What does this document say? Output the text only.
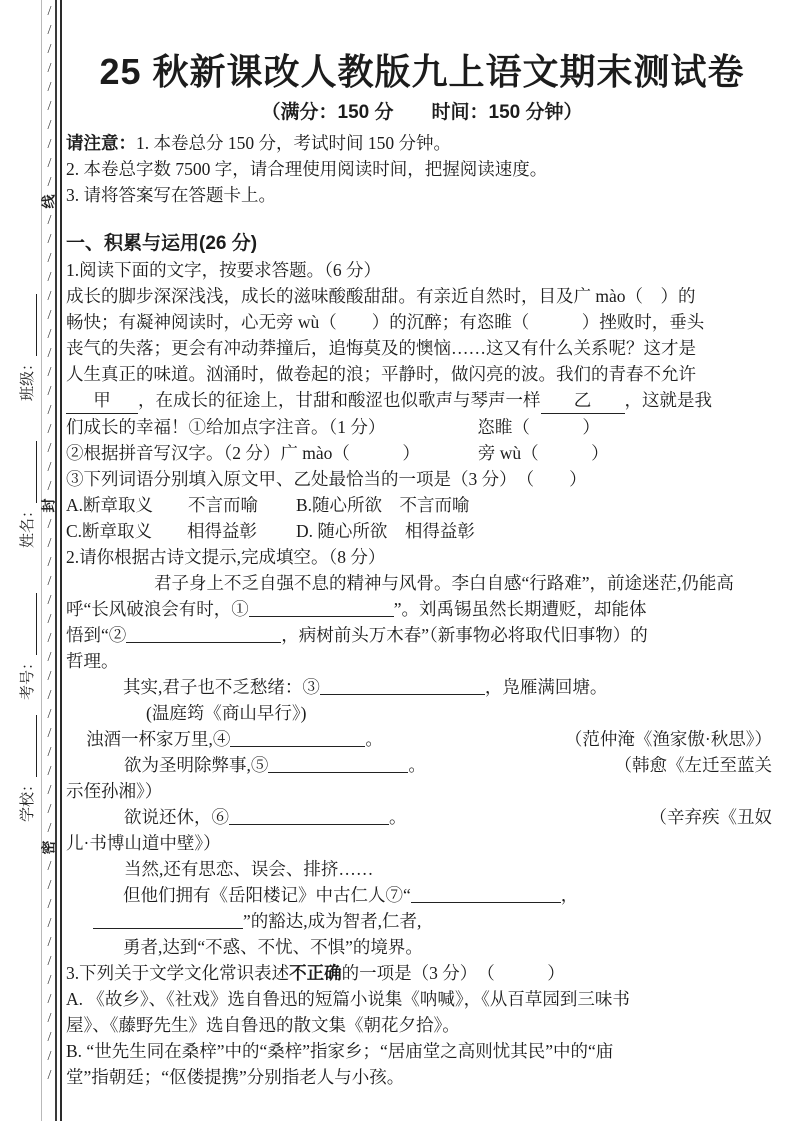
/
/
/
/
/
/
/
/
/
/
线
/
/
/
/
/
/
/
/
/
/
/
/
/
/
/
封
/
/
/
/
/
/
/
/
/
/
/
/
/
/
/
/
/
密
/
/
/
/
/
/
/
/
/
/
/
/
班级：
姓名：
考号：
学校：
25 秋新课改人教版九上语文期末测试卷
（满分：150 分　　时间：150 分钟）
请注意：1. 本卷总分 150 分，考试时间 150 分钟。
2. 本卷总字数 7500 字，请合理使用阅读时间，把握阅读速度。
3. 请将答案写在答题卡上。
一、积累与运用(26 分)
1.阅读下面的文字，按要求答题。（6 分）
成长的脚步深深浅浅，成长的滋味酸酸甜甜。有亲近自然时，目及广 mào（　）的
畅快；有凝神阅读时，心无旁 wù（　　）的沉醉；有恣睢（　　　）挫败时，垂头
丧气的失落；更会有冲动莽撞后，追悔莫及的懊恼……这又有什么关系呢？这才是
人生真正的味道。汹涌时，做卷起的浪；平静时，做闪亮的波。我们的青春不允许
甲 ，在成长的征途上，甘甜和酸涩也似歌声与琴声一样 乙 ，这就是我
们成长的幸福！①给加点字注音。（1 分）	恣睢（　　　）
②根据拼音写汉字。（2 分）广 mào（　　　）	旁 wù（　　　）
③下列词语分别填入原文甲、乙处最恰当的一项是（3 分）　（　　）
A.断章取义　　不言而喻 B.随心所欲　不言而喻
C.断章取义　　相得益彰 D. 随心所欲　相得益彰
2.请你根据古诗文提示,完成填空。（8 分）
君子身上不乏自强不息的精神与风骨。李白自感“行路难”，前途迷茫,仍能高
呼“长风破浪会有时，①	”。刘禹锡虽然长期遭贬，却能体
悟到“②	，病树前头万木春”（新事物必将取代旧事物）的
哲理。
其实,君子也不乏愁绪：③	，凫雁满回塘。
(温庭筠《商山早行》)
浊酒一杯家万里,④	。	（范仲淹《渔家傲·秋思》）
欲为圣明除弊事,⑤	。	（韩愈《左迁至蓝关
示侄孙湘》）
欲说还休，⑥	。	（辛弃疾《丑奴
儿·书博山道中壁》）
当然,还有思恋、误会、排挤……
但他们拥有《岳阳楼记》中古仁人⑦“	，
”的豁达,成为智者,仁者,
勇者,达到“不惑、不忧、不惧”的境界。
3.下列关于文学文化常识表述不正确的一项是（3 分）　（　　　）
A. 《故乡》、《社戏》选自鲁迅的短篇小说集《呐喊》，《从百草园到三味书
屋》、《藤野先生》选自鲁迅的散文集《朝花夕拾》。
B. “世先生同在桑梓”中的“桑梓”指家乡；“居庙堂之高则忧其民”中的“庙
堂”指朝廷；“伛偻提携”分别指老人与小孩。
